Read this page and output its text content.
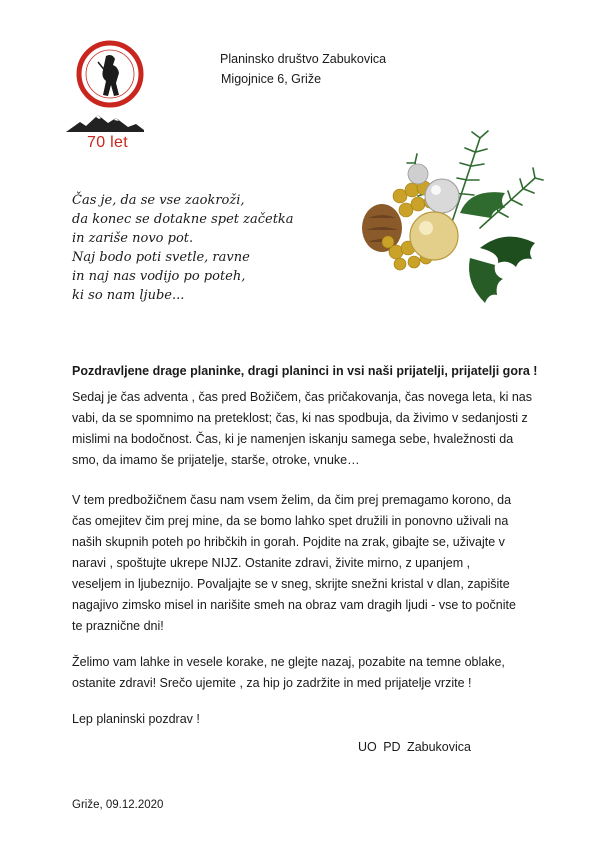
70 let
Planinsko društvo Zabukovica
Migojnice 6, Griže
Čas je, da se vse zaokroži,
da konec se dotakne spet začetka
in zariše novo pot.
Naj bodo poti svetle, ravne
in naj nas vodijo po poteh,
ki so nam ljube...
Pozdravljene drage planinke, dragi planinci in vsi naši prijatelji, prijatelji gora !
Sedaj je čas adventa , čas pred Božičem, čas pričakovanja, čas novega leta, ki nas
vabi, da se spomnimo na preteklost; čas, ki nas spodbuja, da živimo v sedanjosti z
mislimi na bodočnost. Čas, ki je namenjen iskanju samega sebe, hvaležnosti da
smo, da imamo še prijatelje, starše, otroke, vnuke…
V tem predbožičnem času nam vsem želim, da čim prej premagamo korono, da
čas omejitev čim prej mine, da se bomo lahko spet družili in ponovno uživali na
naših skupnih poteh po hribčkih in gorah. Pojdite na zrak, gibajte se, uživajte v
naravi , spoštujte ukrepe NIJZ. Ostanite zdravi, živite mirno, z upanjem ,
veseljem in ljubeznijo. Povaljajte se v sneg, skrijte snežni kristal v dlan, zapišite
nagajivo zimsko misel in narišite smeh na obraz vam dragih ljudi - vse to počnite
te praznične dni!
Želimo vam lahke in vesele korake, ne glejte nazaj, pozabite na temne oblake,
ostanite zdravi! Srečo ujemite , za hip jo zadržite in med prijatelje vrzite !
Lep planinski pozdrav !
UO PD Zabukovica
Griže, 09.12.2020
